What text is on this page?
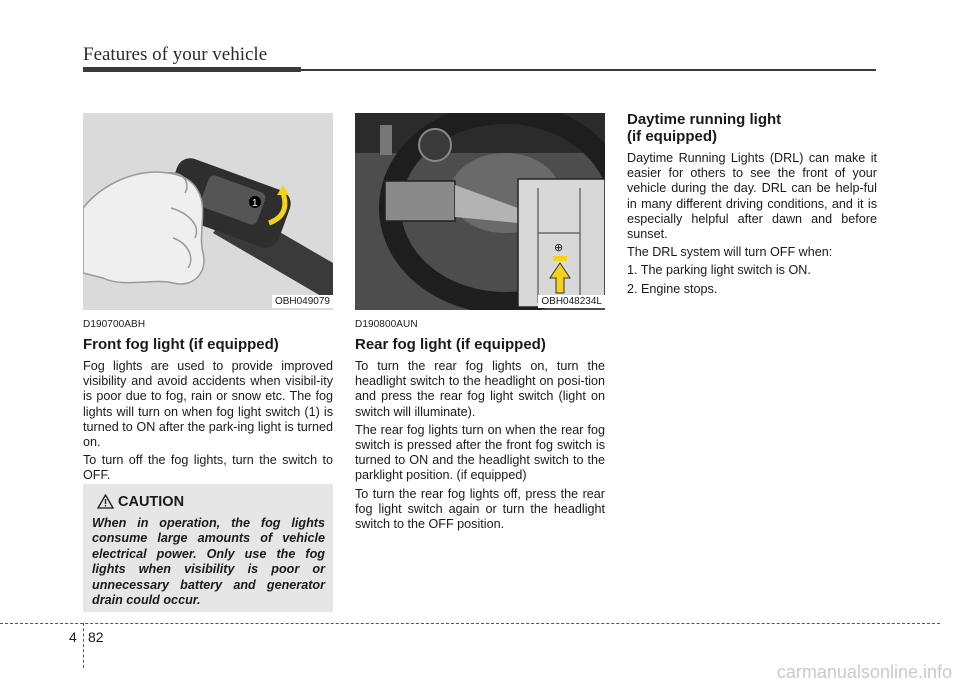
Features of your vehicle
1
OBH049079
D190700ABH
Front fog light (if equipped)

Fog lights are used to provide improved visibility and avoid accidents when visibil-ity is poor due to fog, rain or snow etc. The fog lights will turn on when fog light switch (1) is turned to ON after the park-ing light is turned on.

To turn off the fog lights, turn the switch to OFF.

CAUTION
When in operation, the fog lights consume large amounts of vehicle electrical power. Only use the fog lights when visibility is poor or unnecessary battery and generator drain could occur.
⊕
OBH048234L
D190800AUN
Rear fog light (if equipped)

To turn the rear fog lights on, turn the headlight switch to the headlight on posi-tion and press the rear fog light switch (light on switch will illuminate).

The rear fog lights turn on when the rear fog switch is pressed after the front fog switch is turned to ON and the headlight switch to the parklight position. (if equipped)

To turn the rear fog lights off, press the rear fog light switch again or turn the headlight switch to the OFF position.

Daytime running light
(if equipped)

Daytime Running Lights (DRL) can make it easier for others to see the front of your vehicle during the day. DRL can be help-ful in many different driving conditions, and it is especially helpful after dawn and before sunset.

The DRL system will turn OFF when:

1. The parking light switch is ON.

2. Engine stops.

4 82
carmanualsonline.info
